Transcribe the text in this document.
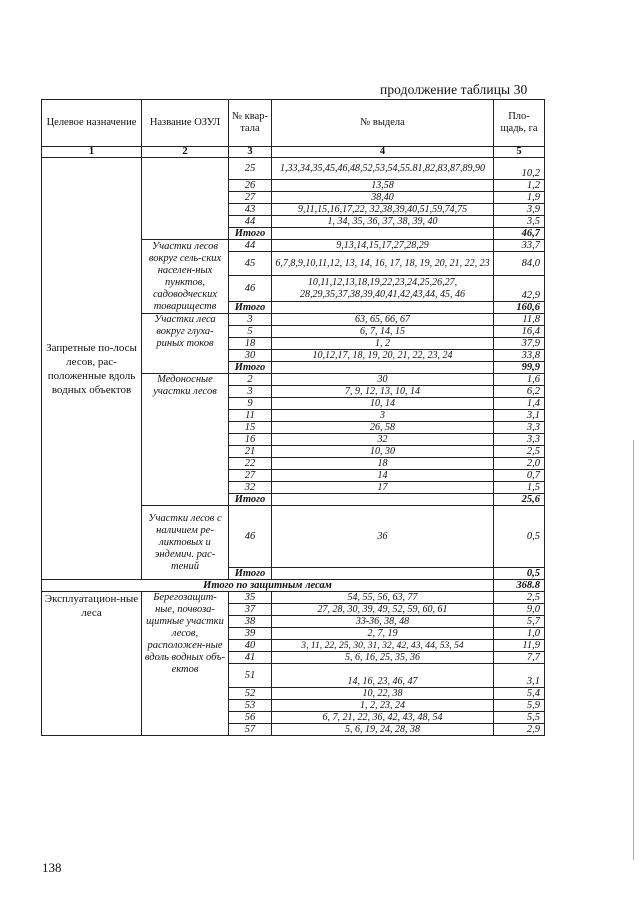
продолжение таблицы 30
Целевое назначение	Название ОЗУЛ	№ квар-тала	№ выдела	Пло-щадь, га
1	2	3	4	5
Запретные по-лосы лесов, рас-положенные вдоль водных объектов		25	1,33,34,35,45,46,48,52,53,54,55.81,82,83,87,89,90	10,2
		26	13,58	1,2
		27	38,40	1,9
		43	9,11,15,16,17,22, 32,38,39,40,51,59,74,75	3,9
		44	1, 34, 35, 36, 37, 38, 39, 40	3,5
		Итого		46,7
	Участки лесов вокруг сель-ских населен-ных пунктов, садоводческих товариществ	44	9,13,14,15,17,27,28,29	33,7
		45	6,7,8,9,10,11,12, 13, 14, 16, 17, 18, 19, 20, 21, 22, 23	84,0
		46	10,11,12,13,18,19,22,23,24,25,26,27, 28,29,35,37,38,39,40,41,42,43,44, 45, 46	42,9
		Итого		160,6
	Участки леса вокруг глуха-риных токов	3	63, 65, 66, 67	11,8
		5	6, 7, 14, 15	16,4
		18	1, 2	37,9
		30	10,12,17, 18, 19, 20, 21, 22, 23, 24	33,8
		Итого		99,9
	Медоносные участки лесов	2	30	1,6
		3	7, 9, 12, 13, 10, 14	6,2
		9	10, 14	1,4
		11	3	3,1
		15	26, 58	3,3
		16	32	3,3
		21	10, 30	2,5
		22	18	2,0
		27	14	0,7
		32	17	1,5
		Итого		25,6
	Участки лесов с наличием ре-ликтовых и эндемич. рас-тений	46	36	0,5
		Итого		0,5
Итого по защитным лесам				368.8
Эксплуатацион-ные леса	Берегозащит-ные, почвоза-щитные участки лесов, расположен-ные вдоль водных объ-ектов	35	54, 55, 56, 63, 77	2,5
		37	27, 28, 30, 39, 49, 52, 59, 60, 61	9,0
		38	33-36, 38, 48	5,7
		39	2, 7, 19	1,0
		40	3, 11, 22, 25, 30, 31, 32, 42, 43, 44, 53, 54	11,9
		41	5, 6, 16, 25, 35, 36	7,7
		51	14, 16, 23, 46, 47	3,1
		52	10, 22, 38	5,4
		53	1, 2, 23, 24	5,9
		56	6, 7, 21, 22, 36, 42, 43, 48, 54	5,5
		57	5, 6, 19, 24, 28, 38	2,9
138
